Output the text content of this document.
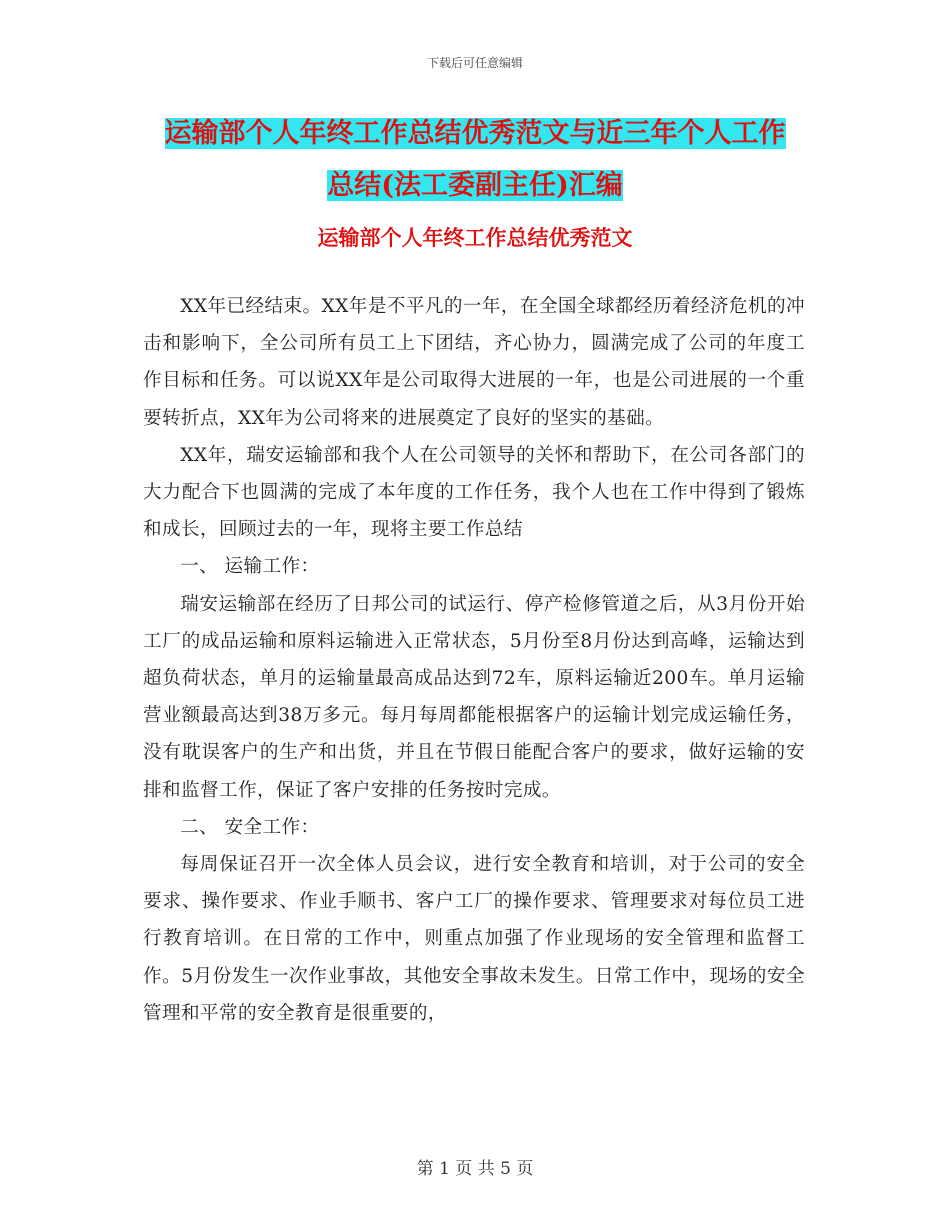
下载后可任意编辑
运输部个人年终工作总结优秀范文与近三年个人工作
总结(法工委副主任)汇编
运输部个人年终工作总结优秀范文

XX年已经结束。XX年是不平凡的一年，在全国全球都经历着经济危机的冲击和影响下，全公司所有员工上下团结，齐心协力，圆满完成了公司的年度工作目标和任务。可以说XX年是公司取得大进展的一年，也是公司进展的一个重要转折点，XX年为公司将来的进展奠定了良好的坚实的基础。

XX年，瑞安运输部和我个人在公司领导的关怀和帮助下，在公司各部门的大力配合下也圆满的完成了本年度的工作任务，我个人也在工作中得到了锻炼和成长，回顾过去的一年，现将主要工作总结

一、 运输工作：

瑞安运输部在经历了日邦公司的试运行、停产检修管道之后，从3月份开始工厂的成品运输和原料运输进入正常状态，5月份至8月份达到高峰，运输达到超负荷状态，单月的运输量最高成品达到72车，原料运输近200车。单月运输营业额最高达到38万多元。每月每周都能根据客户的运输计划完成运输任务，没有耽误客户的生产和出货，并且在节假日能配合客户的要求，做好运输的安排和监督工作，保证了客户安排的任务按时完成。

二、 安全工作：

每周保证召开一次全体人员会议，进行安全教育和培训，对于公司的安全要求、操作要求、作业手顺书、客户工厂的操作要求、管理要求对每位员工进行教育培训。在日常的工作中，则重点加强了作业现场的安全管理和监督工作。5月份发生一次作业事故，其他安全事故未发生。日常工作中，现场的安全管理和平常的安全教育是很重要的，

第 1 页 共 5 页
